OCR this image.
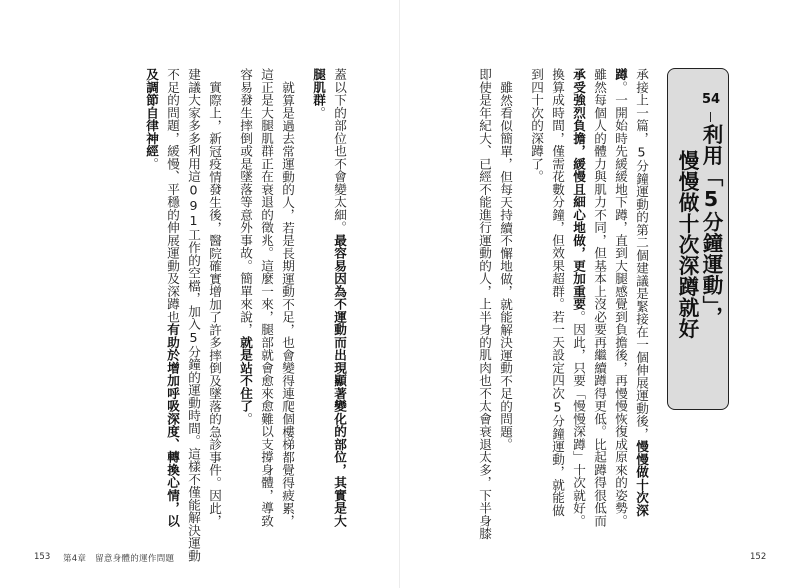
54
利用「5分鐘運動」，
慢慢做十次深蹲就好
承接上一篇，5分鐘運動的第二個建議是緊接在一個伸展運動後，慢慢做十次深
蹲。一開始時先緩緩地下蹲，直到大腿感覺到負擔後，再慢慢恢復成原來的姿勢。
雖然每個人的體力與肌力不同，但基本上沒必要再繼續蹲得更低。比起蹲得很低而
承受強烈負擔，緩慢且細心地做，更加重要。因此，只要「慢慢深蹲」十次就好。
換算成時間，僅需花數分鐘，但效果超群。若一天設定四次5分鐘運動，就能做
到四十次的深蹲了。
雖然看似簡單，但每天持續不懈地做，就能解決運動不足的問題。
即使是年紀大、已經不能進行運動的人，上半身的肌肉也不太會衰退太多，下半身膝
蓋以下的部位也不會變太細。最容易因為不運動而出現顯著變化的部位，其實是大
腿肌群。
就算是過去常運動的人，若是長期運動不足，也會變得連爬個樓梯都覺得疲累，
這正是大腿肌群正在衰退的徵兆。這麼一來，腿部就會愈來愈難以支撐身體，導致
容易發生摔倒或是墜落等意外事故。簡單來說，就是站不住了。
實際上，新冠疫情發生後，醫院確實增加了許多摔倒及墜落的急診事件。因此，
建議大家多多利用這091工作的空檔，加入5分鐘的運動時間。這樣不僅能解決運動
不足的問題，緩慢、平穩的伸展運動及深蹲也有助於增加呼吸深度、轉換心情，以
及調節自律神經。
153 第4章　留意身體的運作問題	152
